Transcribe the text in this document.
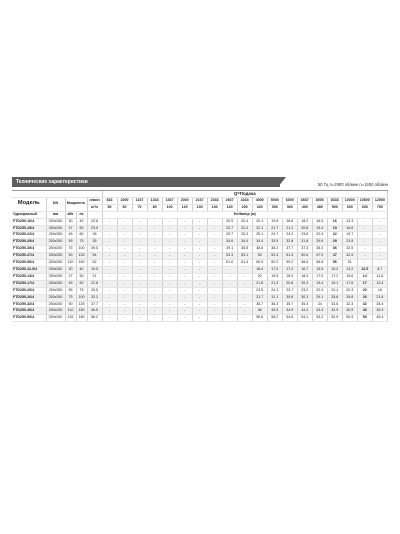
Технические характеристики	50 Гц n=2900 об/мин n=1450 об/мин
					Q=Подача																		
Модель	DN	Мощность		л/мин	833	1000	1167	1333	1667	2000	2167	2333	2667	3333	4000	5000	6000	6667	8000	8333	10000	10500	12500
				м³/ч	50	60	70	80	100	120	130	140	160	200	240	300	360	400	480	500	600	630	750
Однофазный	мм	кВт	лс		H=Напор (м)																		
FTD250-16/4	250x250	30	40	20.8	-	-	-	-	-	-	-	-	20.5	20.4	20.1	19.6	18.8	18.2	16.5	16	13.3	-	-
FTD250-19/4	250x250	37	50	23.5	-	-	-	-	-	-	-	-	22.7	22.4	22.1	21.7	21.2	20.8	19.4	19	16.6	-	-
FTD250-22/4	250x250	45	60	26	-	-	-	-	-	-	-	-	25.7	25.3	25.1	24.7	24.2	23.8	22.4	22	19.7	-	-
FTD250-29/4	250x250	55	75	35	-	-	-	-	-	-	-	-	34.6	34.4	34.4	33.9	32.8	31.8	29.6	29	23.9	-	-
FTD250-36/4	250x250	75	100	39.5	-	-	-	-	-	-	-	-	39.1	38.8	38.6	38.2	37.7	37.3	36.3	36	32.5	-	-
FTD250-47/4	250x250	90	125	54	-	-	-	-	-	-	-	-	53.3	53.1	53	52.4	51.3	50.6	47.9	47	42.5	-	-
FTD250-56/4	250x250	110	150	62	-	-	-	-	-	-	-	-	61.6	61.4	60.9	60.2	59.2	58.6	56.6	56	51	-	-
FTD250-12.5/4	250x250	30	40	19.5	-	-	-	-	-	-	-	-	-	-	18.4	17.9	17.2	16.7	15.5	15.2	13.2	12.5	8.7
FTD250-14/4	250x250	37	50	21	-	-	-	-	-	-	-	-	-	-	20	19.5	18.9	18.4	17.5	17.2	15.6	14	11.6
FTD250-17/4	250x250	45	60	22.8	-	-	-	-	-	-	-	-	-	-	21.8	21.3	20.8	20.3	19.4	19.1	17.6	17	13.4
FTD250-20/4	250x250	55	75	25.5	-	-	-	-	-	-	-	-	-	-	24.5	24.1	23.7	23.2	22.4	22.1	20.3	20	16
FTD250-26/4	250x250	75	100	32.2	-	-	-	-	-	-	-	-	-	-	31.7	31.1	30.6	30.3	29.1	28.8	26.8	26	21.6
FTD250-32/4	250x250	90	125	37.7	-	-	-	-	-	-	-	-	-	-	36.7	36.3	35.7	35.3	34	33.6	32.3	32	28.4
FTD250-40/4	250x250	110	150	46.5	-	-	-	-	-	-	-	-	-	-	46	45.5	44.9	44.4	43.3	42.9	40.9	40	34.9
FTD250-50/4	250x250	132	180	56.2	-	-	-	-	-	-	-	-	-	-	55.6	55.2	54.6	54.1	53.2	52.9	50.9	50	45.4
